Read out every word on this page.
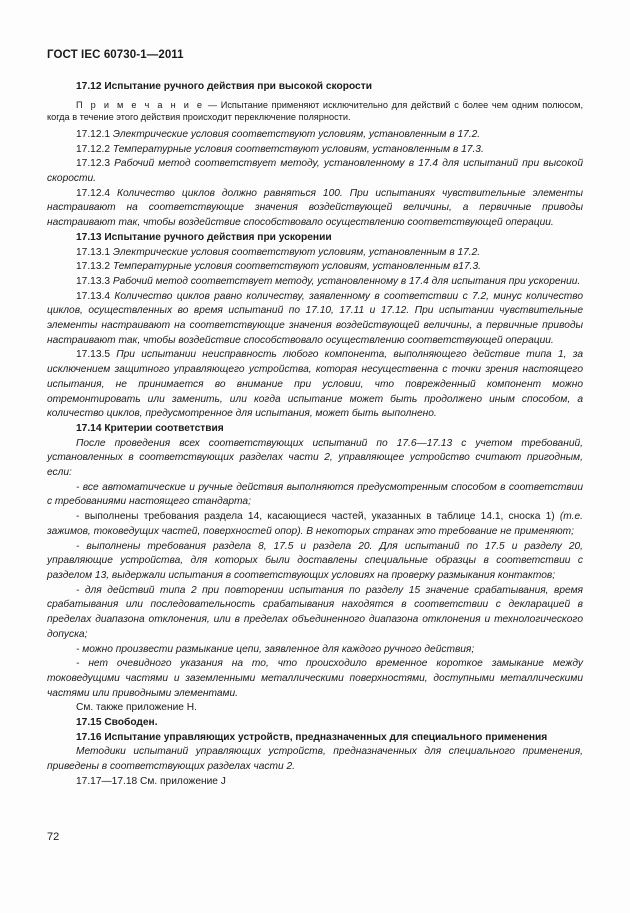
ГОСТ IEC 60730-1—2011

17.12 Испытание ручного действия при высокой скорости

П р и м е ч а н и е — Испытание применяют исключительно для действий с более чем одним полюсом, когда в течение этого действия происходит переключение полярности.

17.12.1 Электрические условия соответствуют условиям, установленным в 17.2.

17.12.2 Температурные условия соответствуют условиям, установленным в 17.3.

17.12.3 Рабочий метод соответствует методу, установленному в 17.4 для испытаний при высокой скорости.

17.12.4 Количество циклов должно равняться 100. При испытаниях чувствительные элементы настраивают на соответствующие значения воздействующей величины, а первичные приводы настраивают так, чтобы воздействие способствовало осуществлению соответствующей операции.

17.13 Испытание ручного действия при ускорении

17.13.1 Электрические условия соответствуют условиям, установленным в 17.2.

17.13.2 Температурные условия соответствуют условиям, установленным в17.3.

17.13.3 Рабочий метод соответствует методу, установленному в 17.4 для испытания при ускорении.

17.13.4 Количество циклов равно количеству, заявленному в соответствии с 7.2, минус количество циклов, осуществленных во время испытаний по 17.10, 17.11 и 17.12. При испытании чувствительные элементы настраивают на соответствующие значения воздействующей величины, а первичные приводы настраивают так, чтобы воздействие способствовало осуществлению соответствующей операции.

17.13.5 При испытании неисправность любого компонента, выполняющего действие типа 1, за исключением защитного управляющего устройства, которая несущественна с точки зрения настоящего испытания, не принимается во внимание при условии, что поврежденный компонент можно отремонтировать или заменить, или когда испытание может быть продолжено иным способом, а количество циклов, предусмотренное для испытания, может быть выполнено.

17.14 Критерии соответствия

После проведения всех соответствующих испытаний по 17.6—17.13 с учетом требований, установленных в соответствующих разделах части 2, управляющее устройство считают пригодным, если:

- все автоматические и ручные действия выполняются предусмотренным способом в соответствии с требованиями настоящего стандарта;

- выполнены требования раздела 14, касающиеся частей, указанных в таблице 14.1, сноска 1) (т.е. зажимов, токоведущих частей, поверхностей опор). В некоторых странах это требование не применяют;

- выполнены требования раздела 8, 17.5 и раздела 20. Для испытаний по 17.5 и разделу 20, управляющие устройства, для которых были доставлены специальные образцы в соответствии с разделом 13, выдержали испытания в соответствующих условиях на проверку размыкания контактов;

- для действий типа 2 при повторении испытания по разделу 15 значение срабатывания, время срабатывания или последовательность срабатывания находятся в соответствии с декларацией в пределах диапазона отклонения, или в пределах объединенного диапазона отклонения и технологического допуска;

- можно произвести размыкание цепи, заявленное для каждого ручного действия;

- нет очевидного указания на то, что происходило временное короткое замыкание между токоведущими частями и заземленными металлическими поверхностями, доступными металлическими частями или приводными элементами.

См. также приложение Н.

17.15 Свободен.

17.16 Испытание управляющих устройств, предназначенных для специального применения

Методики испытаний управляющих устройств, предназначенных для специального применения, приведены в соответствующих разделах части 2.

17.17—17.18 См. приложение J

72
